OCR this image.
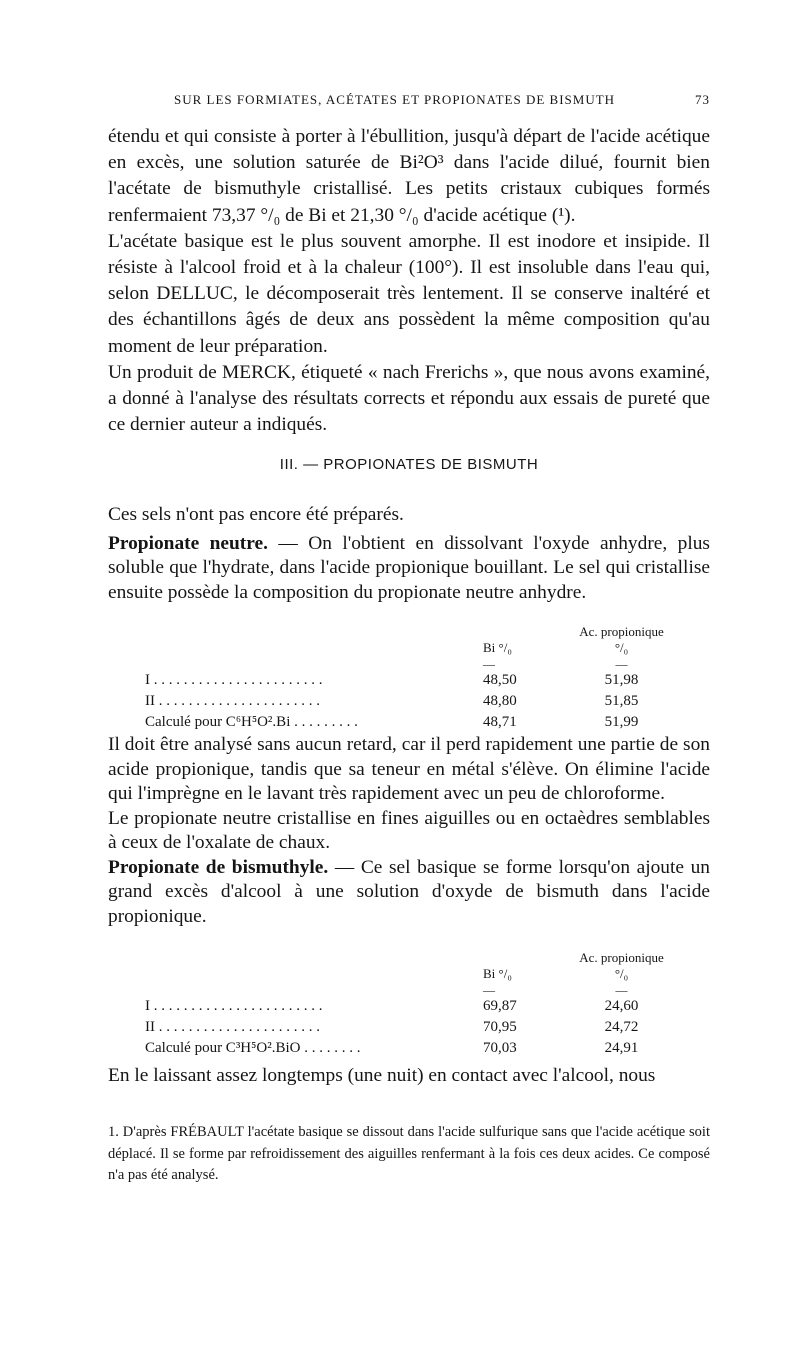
SUR LES FORMIATES, ACÉTATES ET PROPIONATES DE BISMUTH	73

étendu et qui consiste à porter à l'ébullition, jusqu'à départ de l'acide acétique en excès, une solution saturée de Bi²O³ dans l'acide dilué, fournit bien l'acétate de bismuthyle cristallisé. Les petits cristaux cubiques formés renfermaient 73,37 °/₀ de Bi et 21,30 °/₀ d'acide acétique (¹).

L'acétate basique est le plus souvent amorphe. Il est inodore et insipide. Il résiste à l'alcool froid et à la chaleur (100°). Il est insoluble dans l'eau qui, selon DELLUC, le décomposerait très lentement. Il se conserve inaltéré et des échantillons âgés de deux ans possèdent la même composition qu'au moment de leur préparation.

Un produit de MERCK, étiqueté « nach Frerichs », que nous avons examiné, a donné à l'analyse des résultats corrects et répondu aux essais de pureté que ce dernier auteur a indiqués.

III. — PROPIONATES DE BISMUTH

Ces sels n'ont pas encore été préparés.

Propionate neutre. — On l'obtient en dissolvant l'oxyde anhydre, plus soluble que l'hydrate, dans l'acide propionique bouillant. Le sel qui cristallise ensuite possède la composition du propionate neutre anhydre.

	Bi °/₀	Ac. propionique °/₀
	—	—
I . . . . . . . . . . . . . . . . . . . . . . .	48,50	51,98
II . . . . . . . . . . . . . . . . . . . . . .	48,80	51,85
Calculé pour C⁶H⁵O².Bi . . . . . . . . .	48,71	51,99

Il doit être analysé sans aucun retard, car il perd rapidement une partie de son acide propionique, tandis que sa teneur en métal s'élève. On élimine l'acide qui l'imprègne en le lavant très rapidement avec un peu de chloroforme.

Le propionate neutre cristallise en fines aiguilles ou en octaèdres semblables à ceux de l'oxalate de chaux.

Propionate de bismuthyle. — Ce sel basique se forme lorsqu'on ajoute un grand excès d'alcool à une solution d'oxyde de bismuth dans l'acide propionique.

	Bi °/₀	Ac. propionique °/₀
	—	—
I . . . . . . . . . . . . . . . . . . . . . . .	69,87	24,60
II . . . . . . . . . . . . . . . . . . . . . .	70,95	24,72
Calculé pour C³H⁵O².BiO . . . . . . . .	70,03	24,91

En le laissant assez longtemps (une nuit) en contact avec l'alcool, nous

1. D'après FRÉBAULT l'acétate basique se dissout dans l'acide sulfurique sans que l'acide acétique soit déplacé. Il se forme par refroidissement des aiguilles renfermant à la fois ces deux acides. Ce composé n'a pas été analysé.
